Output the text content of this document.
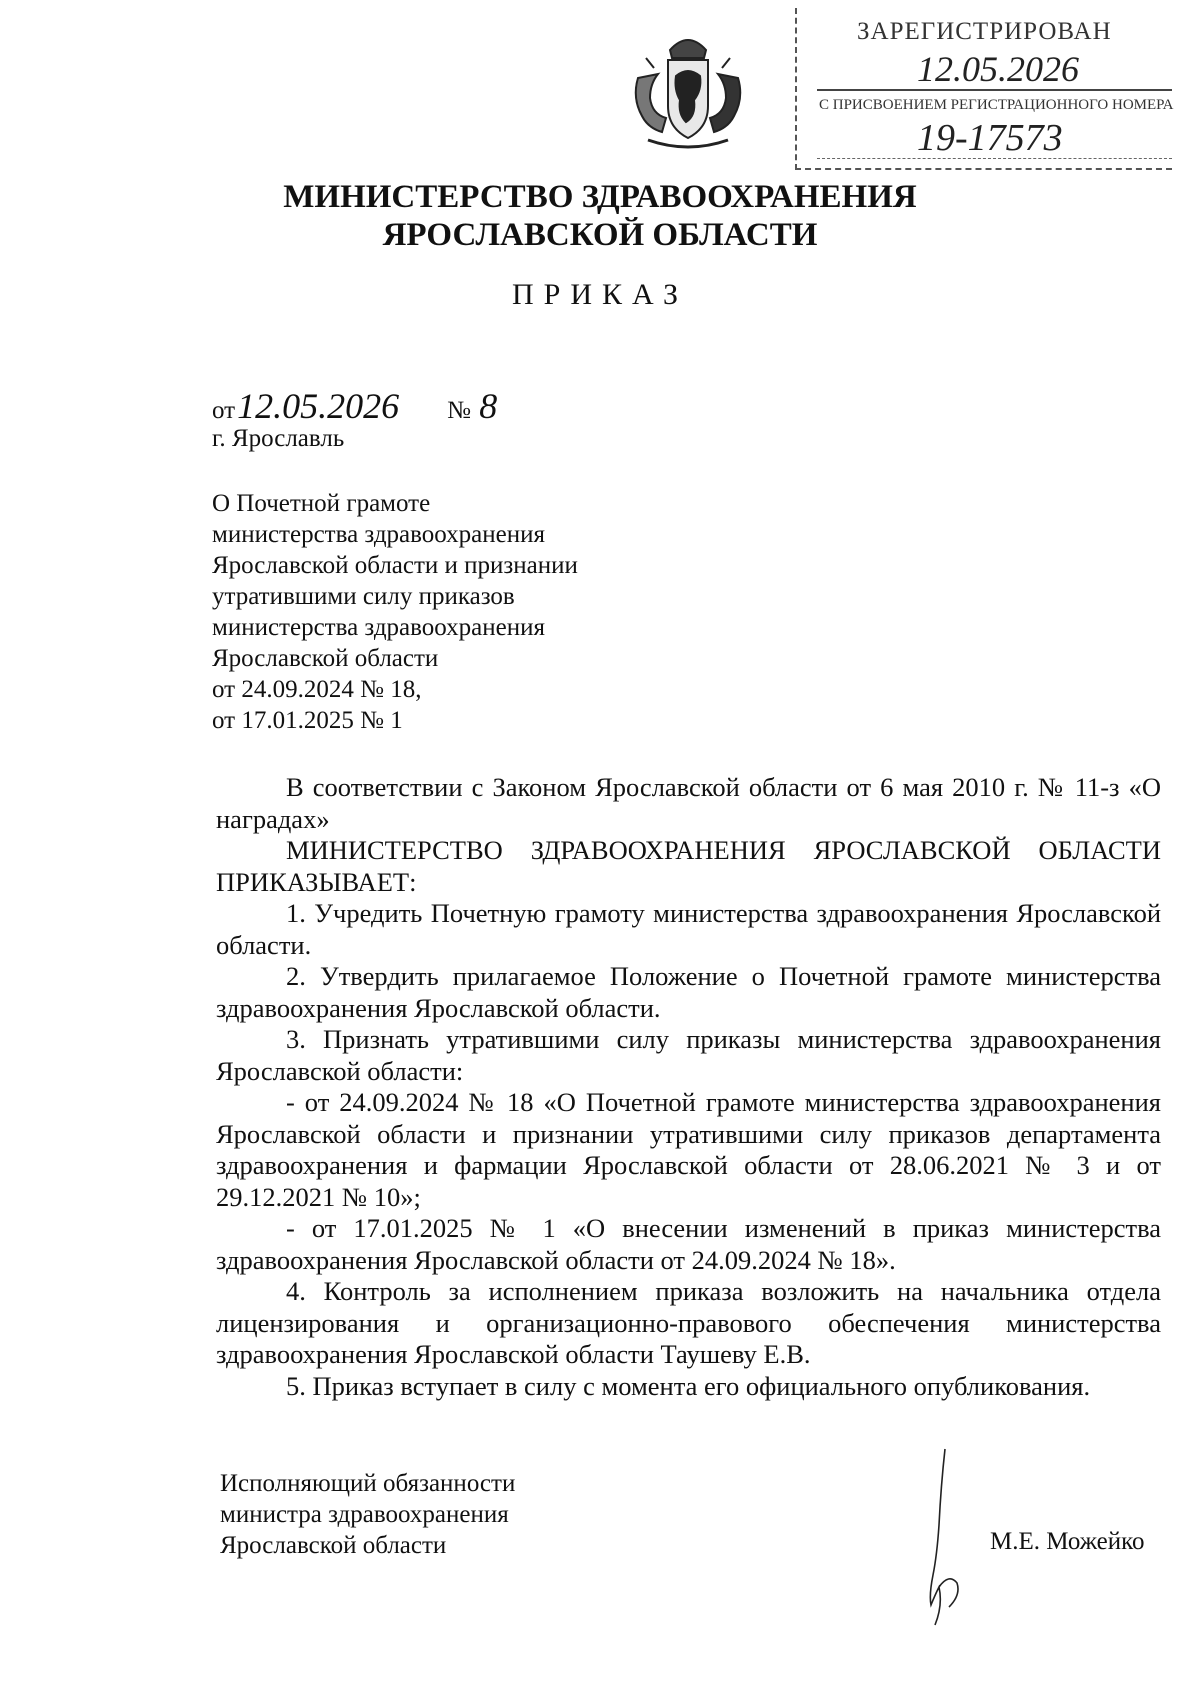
ЗАРЕГИСТРИРОВАН
12.05.2026
С ПРИСВОЕНИЕМ РЕГИСТРАЦИОННОГО НОМЕРА
19-17573
МИНИСТЕРСТВО ЗДРАВООХРАНЕНИЯ
ЯРОСЛАВСКОЙ ОБЛАСТИ
ПРИКАЗ
от12.05.2026 № 8
г. Ярославль
О Почетной грамоте
министерства здравоохранения
Ярославской области и признании
утратившими силу приказов
министерства здравоохранения
Ярославской области
от 24.09.2024 № 18,
от 17.01.2025 № 1

В соответствии с Законом Ярославской области от 6 мая 2010 г. № 11-з «О наградах»

МИНИСТЕРСТВО ЗДРАВООХРАНЕНИЯ ЯРОСЛАВСКОЙ ОБЛАСТИ ПРИКАЗЫВАЕТ:

1. Учредить Почетную грамоту министерства здравоохранения Ярославской области.

2. Утвердить прилагаемое Положение о Почетной грамоте министерства здравоохранения Ярославской области.

3. Признать утратившими силу приказы министерства здравоохранения Ярославской области:

- от 24.09.2024 № 18 «О Почетной грамоте министерства здравоохранения Ярославской области и признании утратившими силу приказов департамента здравоохранения и фармации Ярославской области от 28.06.2021 № 3 и от 29.12.2021 № 10»;

- от 17.01.2025 № 1 «О внесении изменений в приказ министерства здравоохранения Ярославской области от 24.09.2024 № 18».

4. Контроль за исполнением приказа возложить на начальника отдела лицензирования и организационно-правового обеспечения министерства здравоохранения Ярославской области Таушеву Е.В.

5. Приказ вступает в силу с момента его официального опубликования.

Исполняющий обязанности
министра здравоохранения
Ярославской области	М.Е. Можейко
